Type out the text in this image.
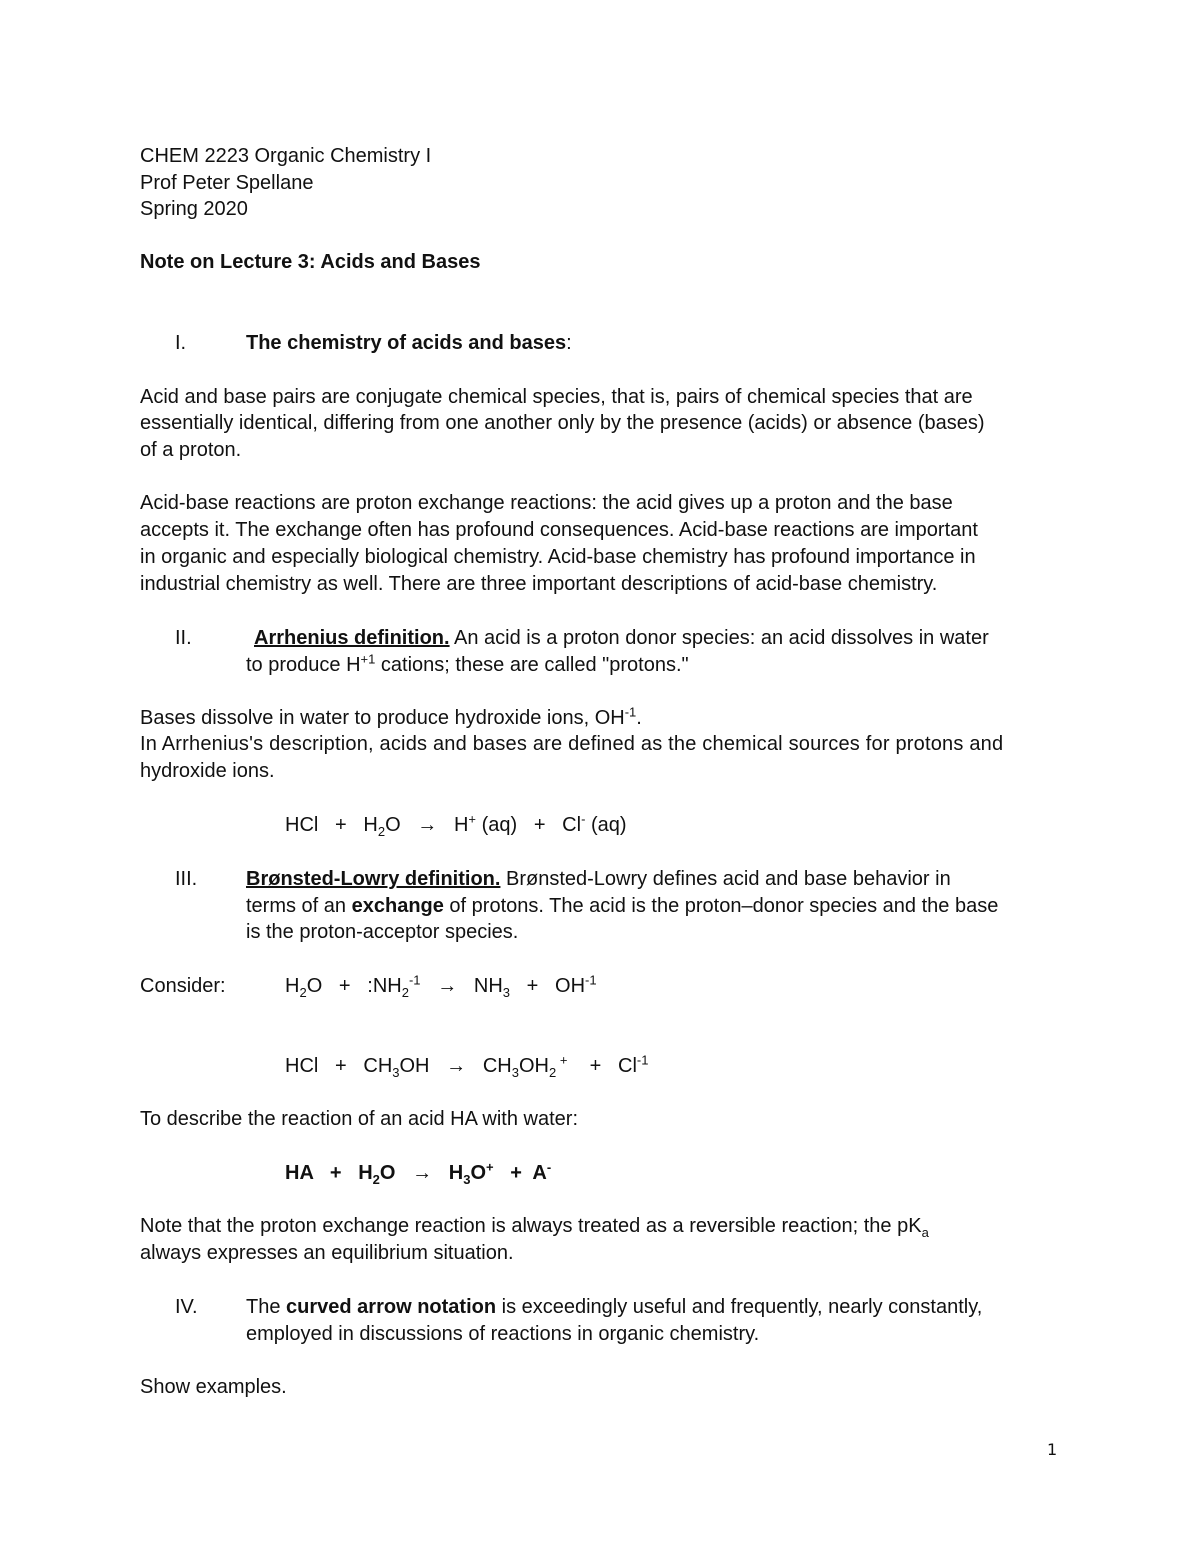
CHEM 2223 Organic Chemistry I
Prof Peter Spellane
Spring 2020
Note on Lecture 3: Acids and Bases
I.	The chemistry of acids and bases:
Acid and base pairs are conjugate chemical species, that is, pairs of chemical species that are
essentially identical, differing from one another only by the presence (acids) or absence (bases)
of a proton.
Acid-base reactions are proton exchange reactions: the acid gives up a proton and the base
accepts it. The exchange often has profound consequences. Acid-base reactions are important
in organic and especially biological chemistry. Acid-base chemistry has profound importance in
industrial chemistry as well. There are three important descriptions of acid-base chemistry.
II.	Arrhenius definition. An acid is a proton donor species: an acid dissolves in water
to produce $H^{+1}$ cations; these are called "protons."
Bases dissolve in water to produce hydroxide ions, $OH^{-1}$.
In Arrhenius's description, acids and bases are defined as the chemical sources for protons and
hydroxide ions.
HCl + $H_2O \to H^+$ (aq) + Cl- (aq)
III. Brønsted-Lowry definition. Brønsted-Lowry defines acid and base behavior in
terms of an exchange of protons. The acid is the proton–donor species and the base
is the proton-acceptor species.
Consider:	$H_2O$ + $:NH_2^{-1} \to NH_3 + OH^{-1}$
HCl + $CH_3OH \to CH_3OH_2$ $^+ + Cl^{-1}$
To describe the reaction of an acid HA with water:
HA + $H_2O \to H_3O^+ + A^-$
Note that the proton exchange reaction is always treated as a reversible reaction; the $pK_a$
always expresses an equilibrium situation.
IV. The curved arrow notation is exceedingly useful and frequently, nearly constantly,
employed in discussions of reactions in organic chemistry.
Show examples.
1
